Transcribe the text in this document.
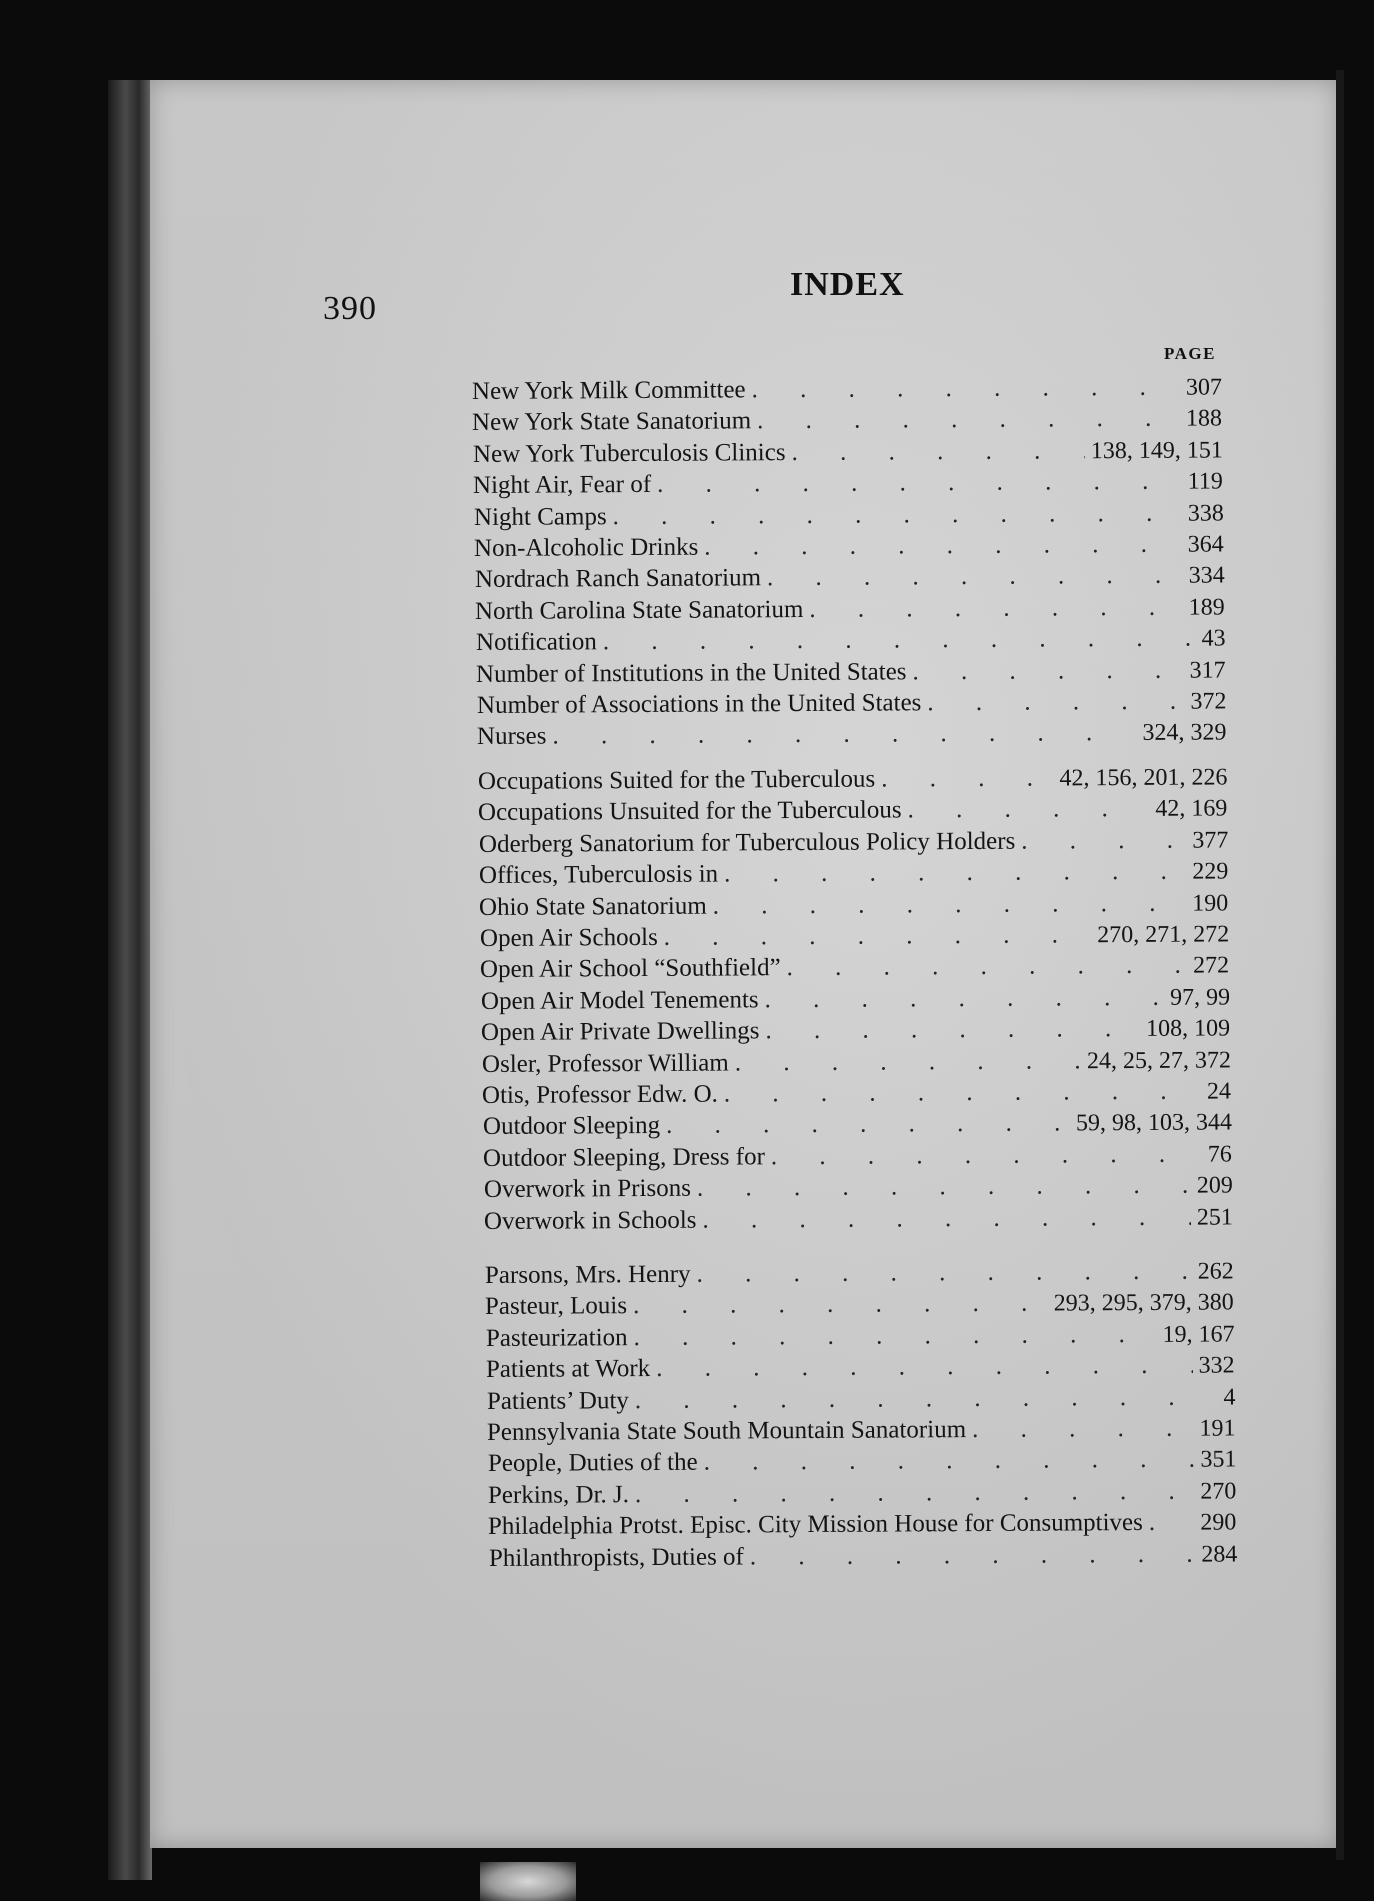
390
INDEX
PAGE
New York Milk Committee . . .	307
New York State Sanatorium . . .	188
New York Tuberculosis Clinics . . .	138, 149, 151
Night Air, Fear of . . .	119
Night Camps . . .	338
Non-Alcoholic Drinks . . .	364
Nordrach Ranch Sanatorium . . .	334
North Carolina State Sanatorium . . .	189
Notification . . .	43
Number of Institutions in the United States . . .	317
Number of Associations in the United States . . .	372
Nurses . . .	324, 329
Occupations Suited for the Tuberculous . . .	42, 156, 201, 226
Occupations Unsuited for the Tuberculous . . .	42, 169
Oderberg Sanatorium for Tuberculous Policy Holders . . .	377
Offices, Tuberculosis in . . .	229
Ohio State Sanatorium . . .	190
Open Air Schools . . .	270, 271, 272
Open Air School “Southfield” . . .	272
Open Air Model Tenements . . .	97, 99
Open Air Private Dwellings . . .	108, 109
Osler, Professor William . . .	24, 25, 27, 372
Otis, Professor Edw. O. . . .	24
Outdoor Sleeping . . .	59, 98, 103, 344
Outdoor Sleeping, Dress for . . .	76
Overwork in Prisons . . .	209
Overwork in Schools . . .	251
Parsons, Mrs. Henry . . .	262
Pasteur, Louis . . .	293, 295, 379, 380
Pasteurization . . .	19, 167
Patients at Work . . .	332
Patients’ Duty . . .	4
Pennsylvania State South Mountain Sanatorium . . .	191
People, Duties of the . . .	351
Perkins, Dr. J. . . .	270
Philadelphia Protst. Episc. City Mission House for Consumptives . . . 290
Philanthropists, Duties of . . .	284
